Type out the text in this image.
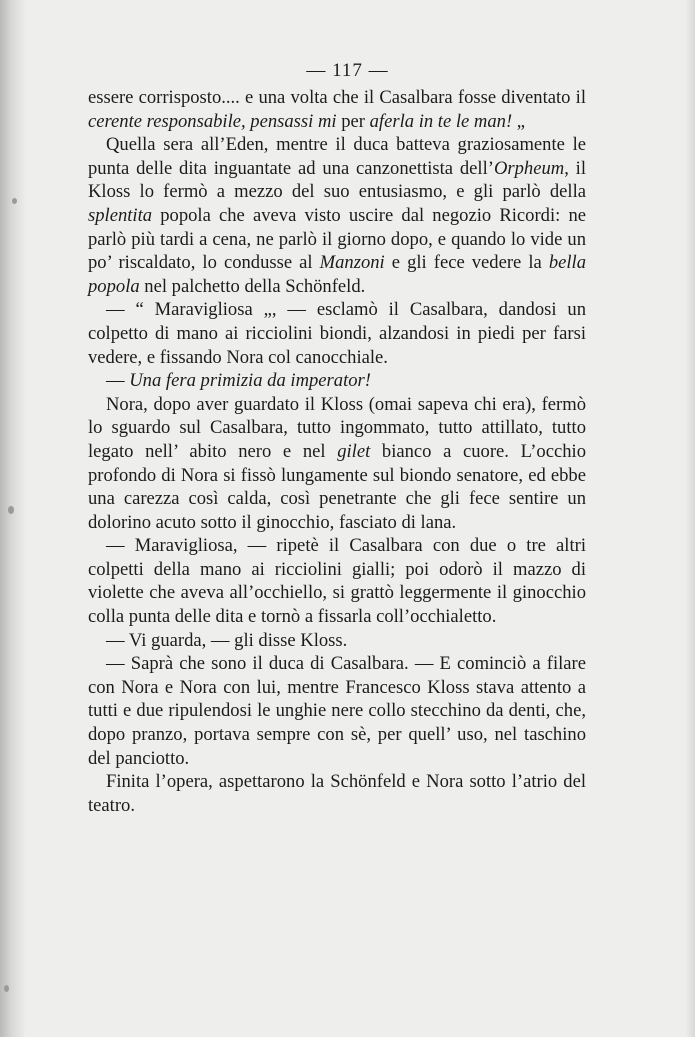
— 117 —

essere corrisposto.... e una volta che il Casalbara fosse diventato il cerente responsabile, pensassi mi per aferla in te le man! „

Quella sera all’Eden, mentre il duca batteva graziosamente le punta delle dita inguantate ad una canzonettista dell’Orpheum, il Kloss lo fermò a mezzo del suo entusiasmo, e gli parlò della splentita popola che aveva visto uscire dal negozio Ricordi: ne parlò più tardi a cena, ne parlò il giorno dopo, e quando lo vide un po’ riscaldato, lo condusse al Manzoni e gli fece vedere la bella popola nel palchetto della Schönfeld.

— “ Maravigliosa „, — esclamò il Casalbara, dandosi un colpetto di mano ai ricciolini biondi, alzandosi in piedi per farsi vedere, e fissando Nora col canocchiale.

— Una fera primizia da imperator!

Nora, dopo aver guardato il Kloss (omai sapeva chi era), fermò lo sguardo sul Casalbara, tutto ingommato, tutto attillato, tutto legato nell’ abito nero e nel gilet bianco a cuore. L’occhio profondo di Nora si fissò lungamente sul biondo senatore, ed ebbe una carezza così calda, così penetrante che gli fece sentire un dolorino acuto sotto il ginocchio, fasciato di lana.

— Maravigliosa, — ripetè il Casalbara con due o tre altri colpetti della mano ai ricciolini gialli; poi odorò il mazzo di violette che aveva all’occhiello, si grattò leggermente il ginocchio colla punta delle dita e tornò a fissarla coll’occhialetto.

— Vi guarda, — gli disse Kloss.

— Saprà che sono il duca di Casalbara. — E cominciò a filare con Nora e Nora con lui, mentre Francesco Kloss stava attento a tutti e due ripulendosi le unghie nere collo stecchino da denti, che, dopo pranzo, portava sempre con sè, per quell’ uso, nel taschino del panciotto.

Finita l’opera, aspettarono la Schönfeld e Nora sotto l’atrio del teatro.
